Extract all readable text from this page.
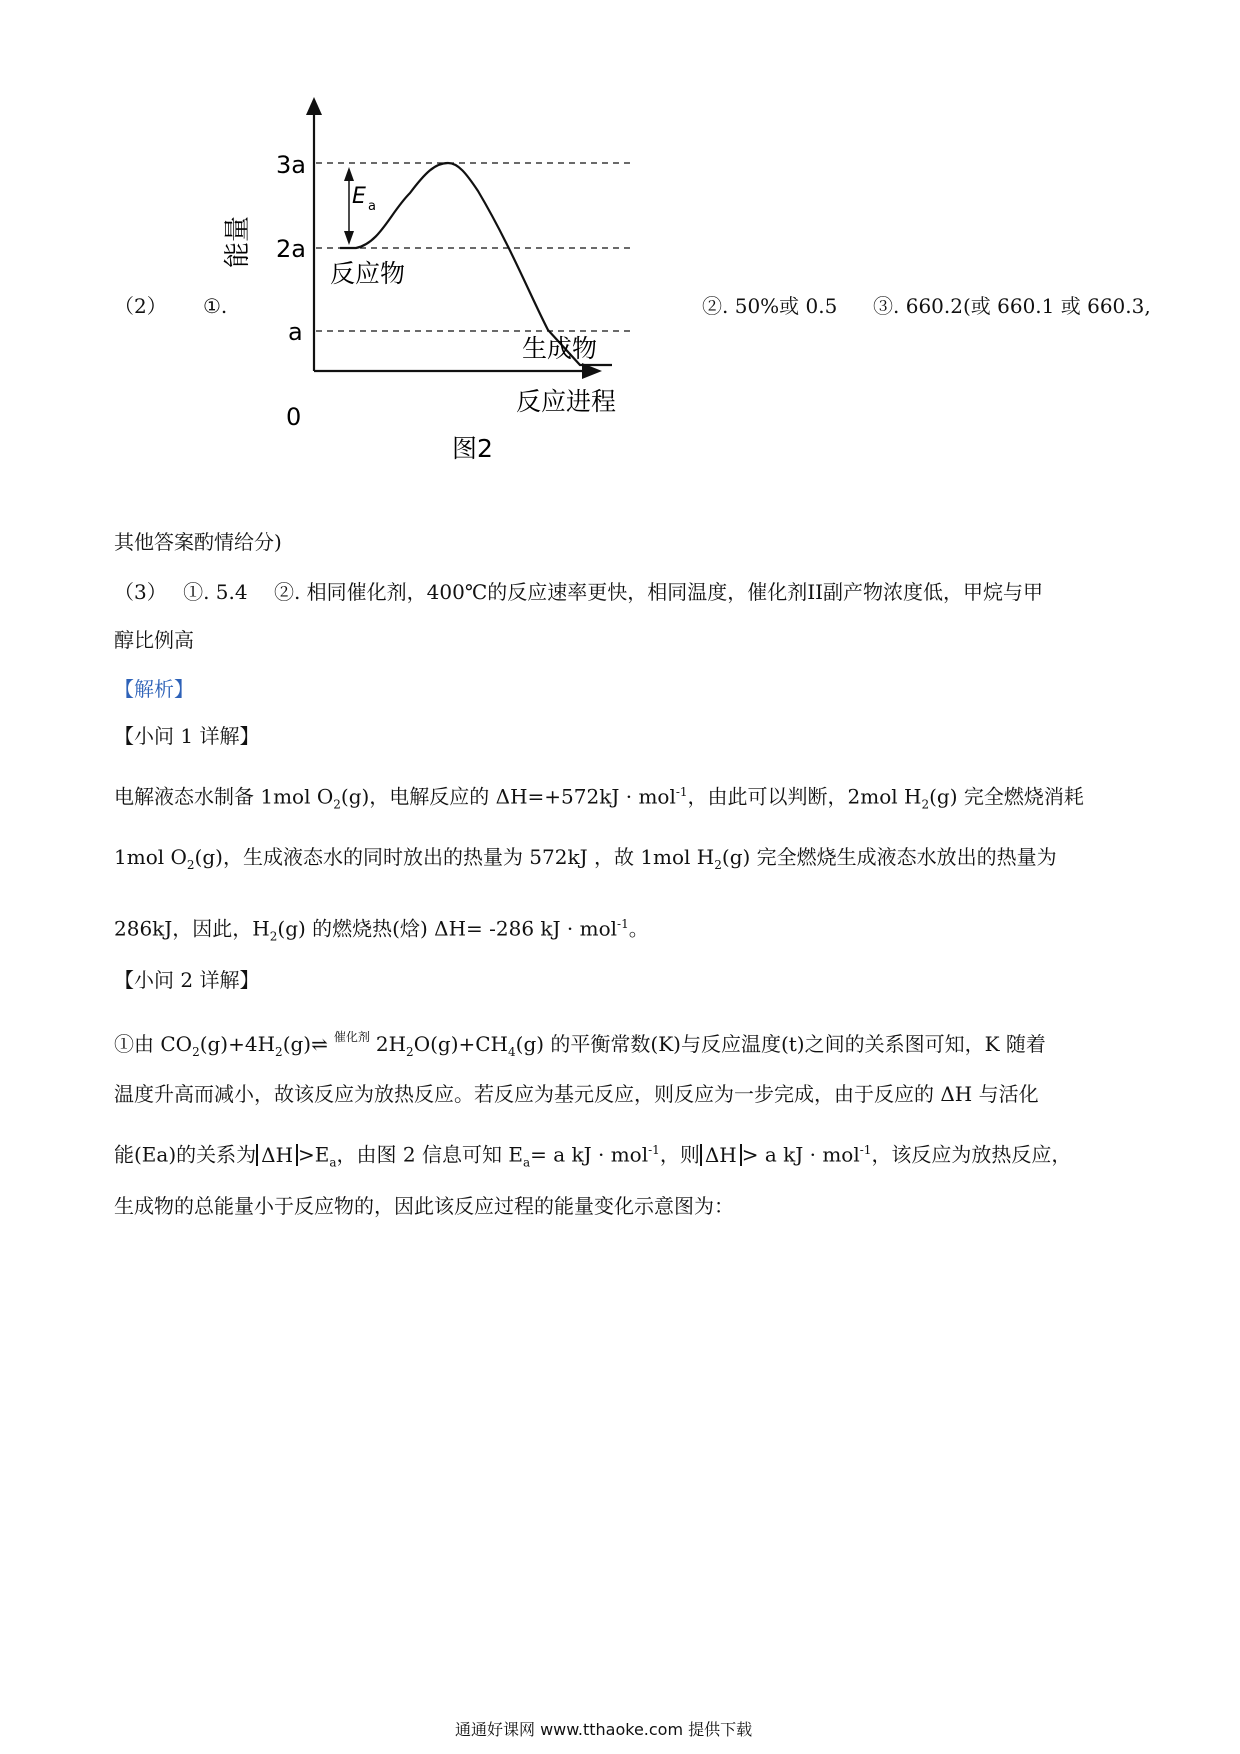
3a
2a
a
0
能量
E a
反应物
生成物
反应进程
图2
（2） ①.	②. 50%或 0.5 ③. 660.2(或 660.1 或 660.3,
其他答案酌情给分)
（3）　 ①. 5.4　 ②. 相同催化剂，400℃的反应速率更快，相同温度，催化剂II副产物浓度低，甲烷与甲
醇比例高
【解析】
【小问 1 详解】
电解液态水制备 1mol $O_2(g)$，电解反应的 ΔH=+572kJ · mol$^{-1}$，由此可以判断，2mol $H_2(g)$ 完全燃烧消耗
1mol $O_2(g)$，生成液态水的同时放出的热量为 572kJ ，故 1mol $H_2(g)$ 完全燃烧生成液态水放出的热量为
286kJ，因此，$H_2(g)$ 的燃烧热(焓) ΔH= -286 kJ · mol$^{-1}$。
【小问 2 详解】
①由 $CO_2(g)+4H_2(g)\rightleftharpoons$ $^{催化剂}$ $2H_2O(g)+CH_4(g)$ 的平衡常数(K)与反应温度(t)之间的关系图可知，K 随着
温度升高而减小，故该反应为放热反应。若反应为基元反应，则反应为一步完成，由于反应的 ΔH 与活化
能(Ea)的关系为 $\Delta H >E_a$，由图 2 信息可知 $E_a= a$ kJ · mol$^{-1}$，则 ΔH > a kJ · mol$^{-1}$，该反应为放热反应，
生成物的总能量小于反应物的，因此该反应过程的能量变化示意图为：
通通好课网 www.tthaoke.com 提供下载
